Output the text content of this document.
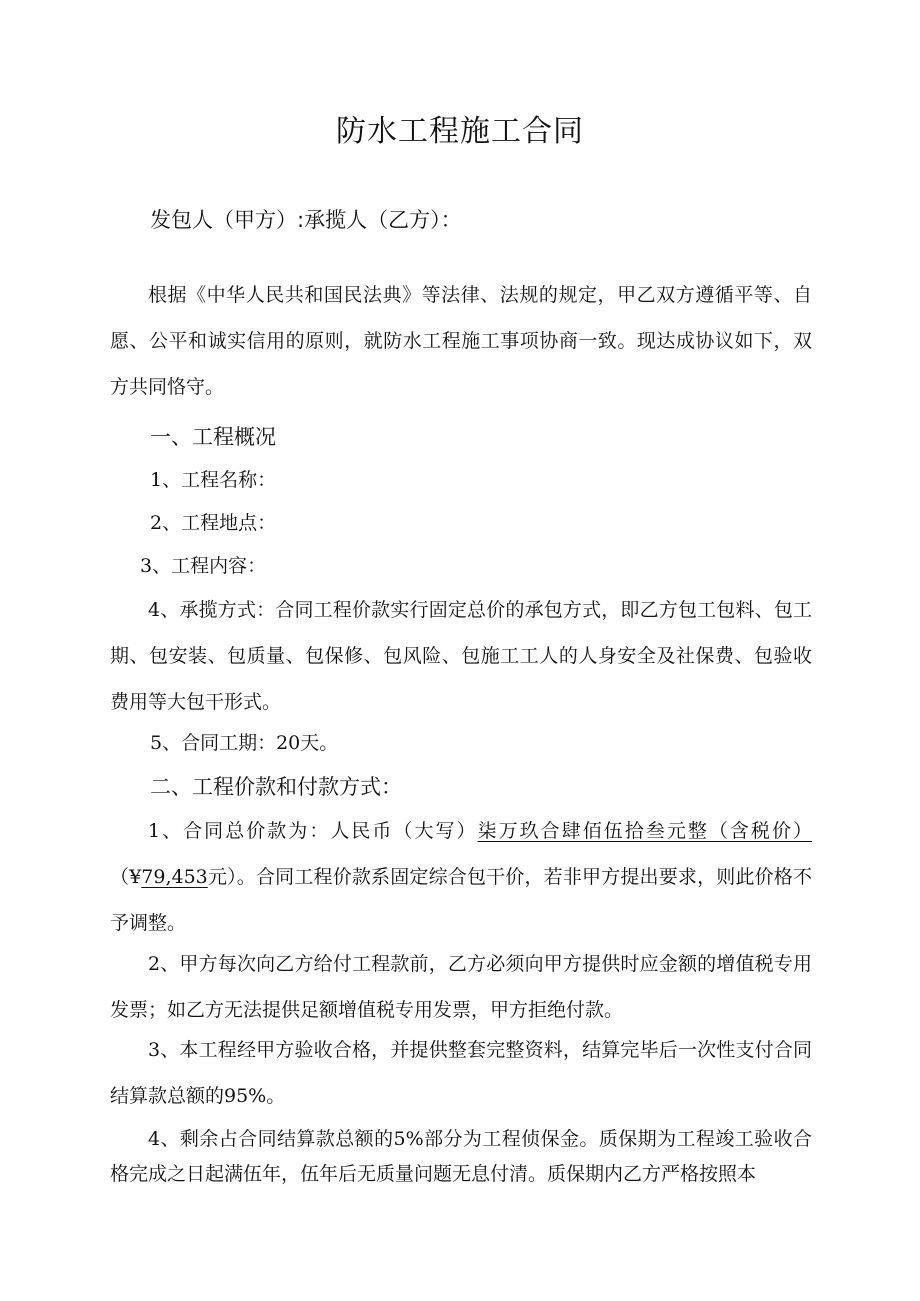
防水工程施工合同
发包人（甲方）:承揽人（乙方）：
根据《中华人民共和国民法典》等法律、法规的规定，甲乙双方遵循平等、自愿、公平和诚实信用的原则，就防水工程施工事项协商一致。现达成协议如下，双方共同恪守。
一、工程概况
1、工程名称：
2、工程地点：
3、工程内容：
4、承揽方式：合同工程价款实行固定总价的承包方式，即乙方包工包料、包工期、包安装、包质量、包保修、包风险、包施工工人的人身安全及社保费、包验收费用等大包干形式。
5、合同工期：20天。
二、工程价款和付款方式：
1、合同总价款为：人民币（大写）柒万玖合肆佰伍拾叁元整（含税价）（¥79,453元）。合同工程价款系固定综合包干价，若非甲方提出要求，则此价格不予调整。
2、甲方每次向乙方给付工程款前，乙方必须向甲方提供时应金额的增值税专用发票；如乙方无法提供足额增值税专用发票，甲方拒绝付款。
3、本工程经甲方验收合格，并提供整套完整资料，结算完毕后一次性支付合同结算款总额的95%。
4、剩余占合同结算款总额的5%部分为工程侦保金。质保期为工程竣工验收合格完成之日起满伍年，伍年后无质量问题无息付清。质保期内乙方严格按照本
